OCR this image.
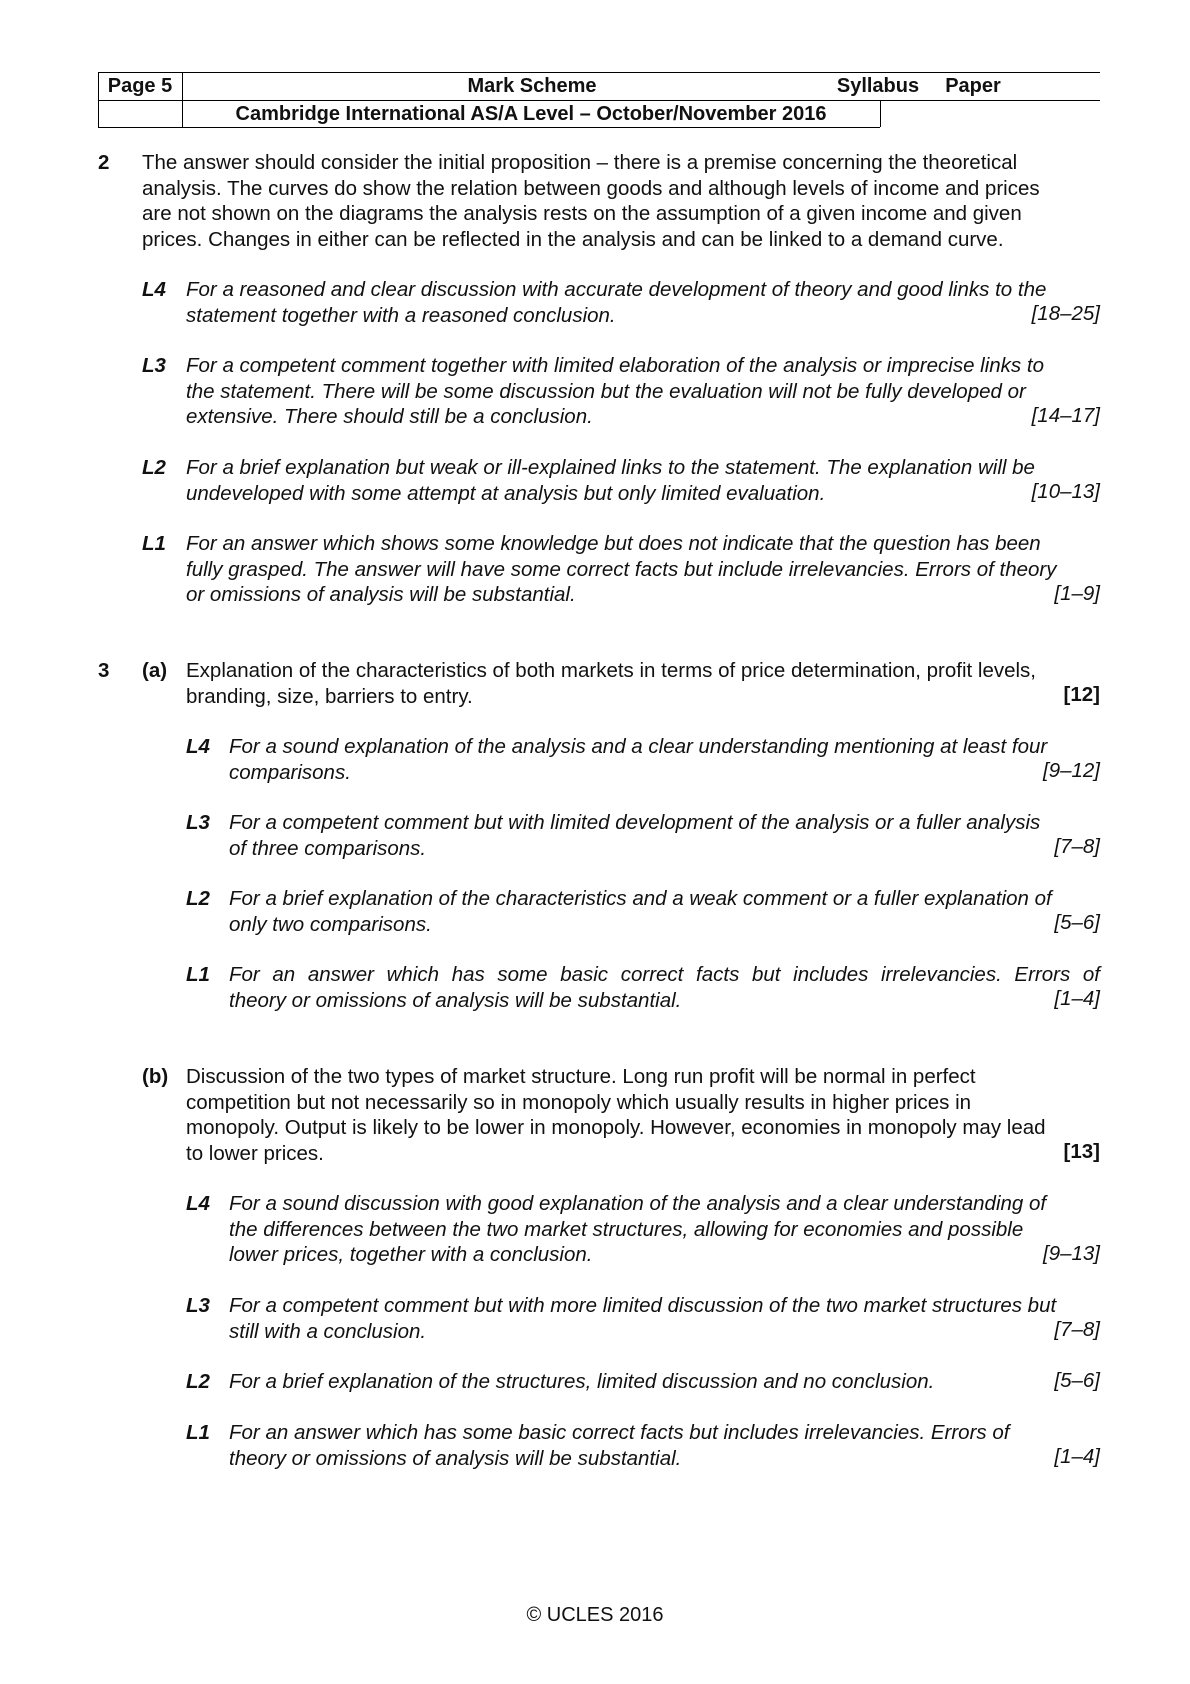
Page 5	Mark Scheme	Syllabus	Paper
Cambridge International AS/A Level – October/November 2016
2 The answer should consider the initial proposition – there is a premise concerning the theoretical
analysis. The curves do show the relation between goods and although levels of income and prices
are not shown on the diagrams the analysis rests on the assumption of a given income and given
prices. Changes in either can be reflected in the analysis and can be linked to a demand curve.
L4 For a reasoned and clear discussion with accurate development of theory and good links to the
statement together with a reasoned conclusion.	[18–25]
L3 For a competent comment together with limited elaboration of the analysis or imprecise links to
the statement. There will be some discussion but the evaluation will not be fully developed or
extensive. There should still be a conclusion.	[14–17]
L2 For a brief explanation but weak or ill-explained links to the statement. The explanation will be
undeveloped with some attempt at analysis but only limited evaluation.	[10–13]
L1 For an answer which shows some knowledge but does not indicate that the question has been
fully grasped. The answer will have some correct facts but include irrelevancies. Errors of theory
or omissions of analysis will be substantial.	[1–9]
3 (a) Explanation of the characteristics of both markets in terms of price determination, profit levels,
branding, size, barriers to entry.	[12]
L4 For a sound explanation of the analysis and a clear understanding mentioning at least four
comparisons.	[9–12]
L3 For a competent comment but with limited development of the analysis or a fuller analysis
of three comparisons.	[7–8]
L2 For a brief explanation of the characteristics and a weak comment or a fuller explanation of
only two comparisons.	[5–6]
L1 For an answer which has some basic correct facts but includes irrelevancies. Errors of
theory or omissions of analysis will be substantial.	[1–4]
(b) Discussion of the two types of market structure. Long run profit will be normal in perfect
competition but not necessarily so in monopoly which usually results in higher prices in
monopoly. Output is likely to be lower in monopoly. However, economies in monopoly may lead
to lower prices.	[13]
L4 For a sound discussion with good explanation of the analysis and a clear understanding of
the differences between the two market structures, allowing for economies and possible
lower prices, together with a conclusion.	[9–13]
L3 For a competent comment but with more limited discussion of the two market structures but
still with a conclusion.	[7–8]
L2 For a brief explanation of the structures, limited discussion and no conclusion.	[5–6]
L1 For an answer which has some basic correct facts but includes irrelevancies. Errors of
theory or omissions of analysis will be substantial.	[1–4]
© UCLES 2016
